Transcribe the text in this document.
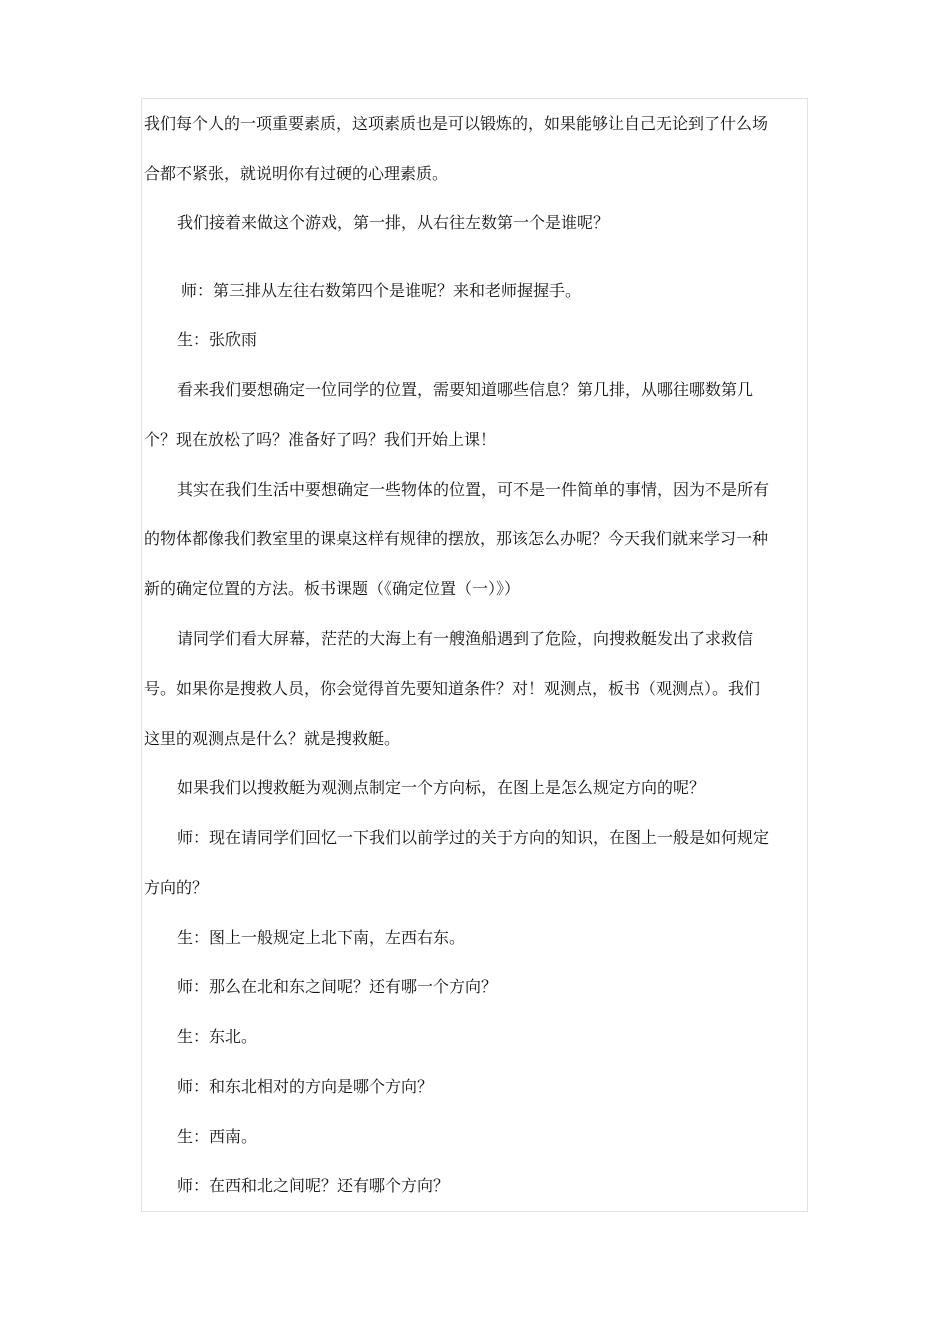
我们每个人的一项重要素质，这项素质也是可以锻炼的，如果能够让自己无论到了什么场
合都不紧张，就说明你有过硬的心理素质。
我们接着来做这个游戏，第一排，从右往左数第一个是谁呢？
师：第三排从左往右数第四个是谁呢？来和老师握握手。
生：张欣雨
看来我们要想确定一位同学的位置，需要知道哪些信息？第几排，从哪往哪数第几
个？现在放松了吗？准备好了吗？我们开始上课！
其实在我们生活中要想确定一些物体的位置，可不是一件简单的事情，因为不是所有
的物体都像我们教室里的课桌这样有规律的摆放，那该怎么办呢？今天我们就来学习一种
新的确定位置的方法。板书课题（《确定位置（一）》）
请同学们看大屏幕，茫茫的大海上有一艘渔船遇到了危险，向搜救艇发出了求救信
号。如果你是搜救人员，你会觉得首先要知道条件？对！观测点，板书（观测点）。我们
这里的观测点是什么？就是搜救艇。
如果我们以搜救艇为观测点制定一个方向标，在图上是怎么规定方向的呢？
师：现在请同学们回忆一下我们以前学过的关于方向的知识，在图上一般是如何规定
方向的？
生：图上一般规定上北下南，左西右东。
师：那么在北和东之间呢？还有哪一个方向？
生：东北。
师：和东北相对的方向是哪个方向？
生：西南。
师：在西和北之间呢？还有哪个方向？
